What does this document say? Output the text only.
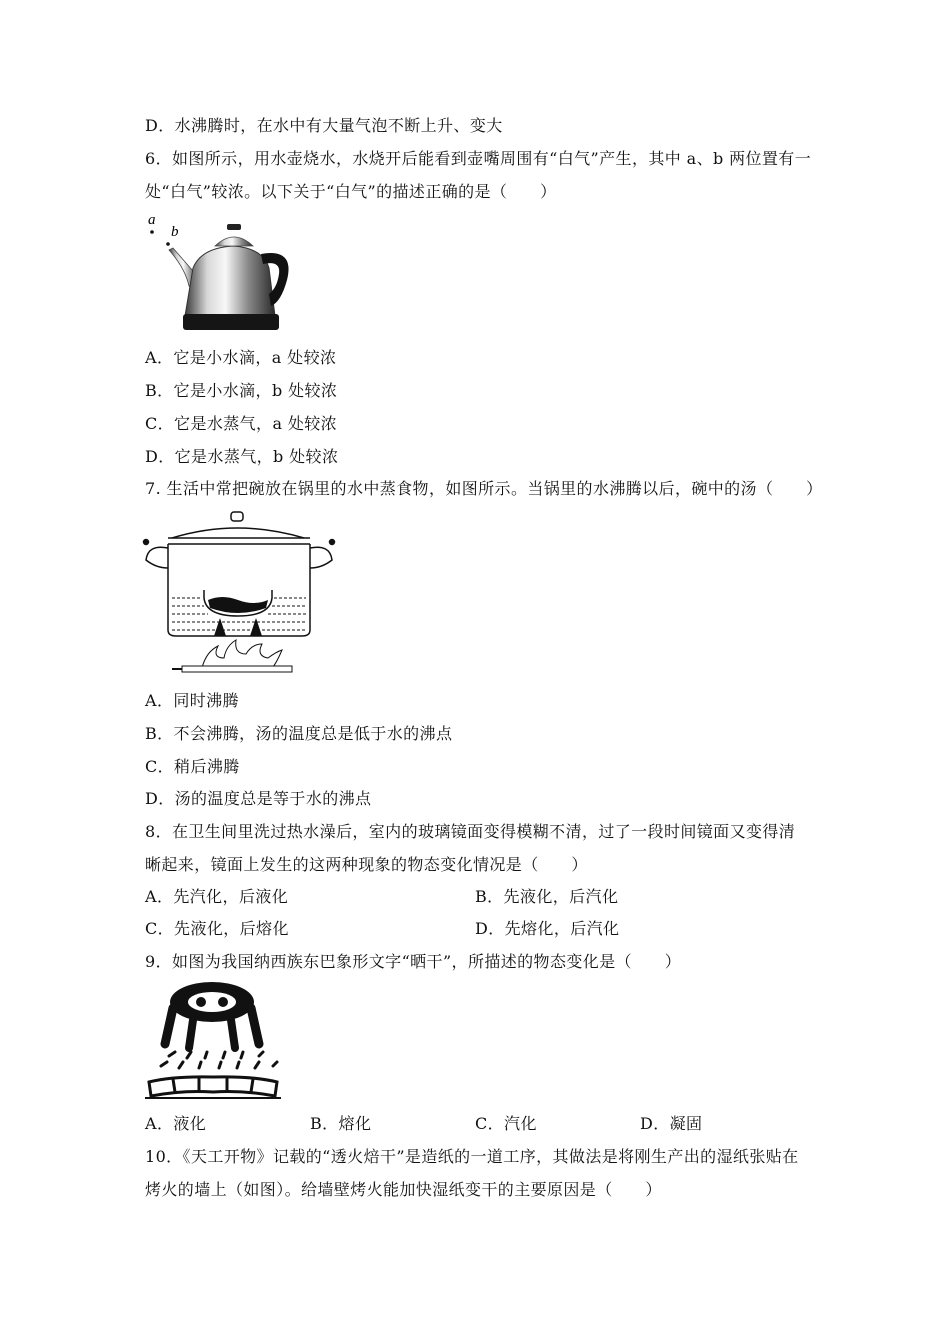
D．水沸腾时，在水中有大量气泡不断上升、变大
6．如图所示，用水壶烧水，水烧开后能看到壶嘴周围有“白气”产生，其中 a、b 两位置有一
处“白气”较浓。以下关于“白气”的描述正确的是（　　）
a
b
A．它是小水滴，a 处较浓
B．它是小水滴，b 处较浓
C．它是水蒸气，a 处较浓
D．它是水蒸气，b 处较浓
7. 生活中常把碗放在锅里的水中蒸食物，如图所示。当锅里的水沸腾以后，碗中的汤（　　）
A．同时沸腾
B．不会沸腾，汤的温度总是低于水的沸点
C．稍后沸腾
D．汤的温度总是等于水的沸点
8．在卫生间里洗过热水澡后，室内的玻璃镜面变得模糊不清，过了一段时间镜面又变得清
晰起来，镜面上发生的这两种现象的物态变化情况是（　　）
A．先汽化，后液化	B．先液化，后汽化
C．先液化，后熔化	D．先熔化，后汽化
9．如图为我国纳西族东巴象形文字“晒干”，所描述的物态变化是（　　）
A．液化	B．熔化	C．汽化	D．凝固
10．《天工开物》记载的“透火焙干”是造纸的一道工序，其做法是将刚生产出的湿纸张贴在
烤火的墙上（如图）。给墙壁烤火能加快湿纸变干的主要原因是（　　）
